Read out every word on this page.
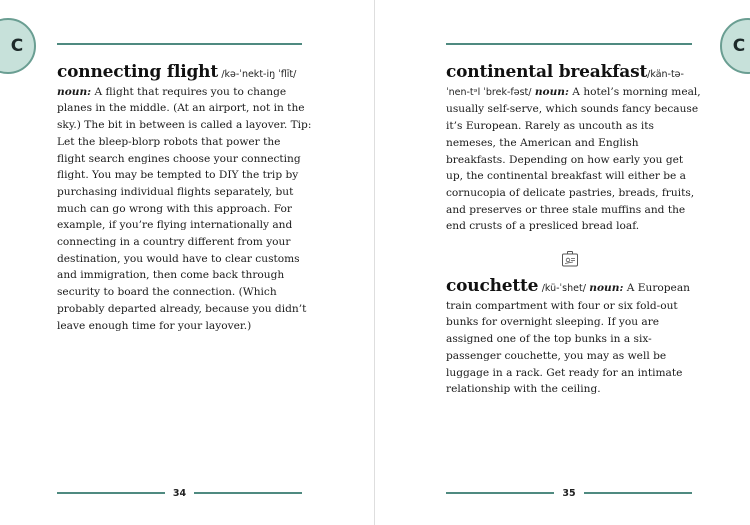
C
connecting flight /kə-ˈnekt-iŋ ˈflīt/ noun: A flight that requires you to change planes in the middle. (At an airport, not in the sky.) The bit in between is called a layover. Tip: Let the bleep-blorp robots that power the flight search engines choose your connecting flight. You may be tempted to DIY the trip by purchasing individual flights separately, but much can go wrong with this approach. For example, if you’re flying internationally and connecting in a country different from your destination, you would have to clear customs and immigration, then come back through security to board the connection. (Which probably departed already, because you didn’t leave enough time for your layover.)
34
C
continental breakfast/kän-tə-ˈnen-tᵊl ˈbrek-fəst/ noun: A hotel’s morning meal, usually self-serve, which sounds fancy because it’s European. Rarely as uncouth as its nemeses, the American and English breakfasts. Depending on how early you get up, the continental breakfast will either be a cornucopia of delicate pastries, breads, fruits, and preserves or three stale muffins and the end crusts of a presliced bread loaf.
couchette /kü-ˈshet/ noun: A European train compartment with four or six fold-out bunks for overnight sleeping. If you are assigned one of the top bunks in a six-passenger couchette, you may as well be luggage in a rack. Get ready for an intimate relationship with the ceiling.
35
